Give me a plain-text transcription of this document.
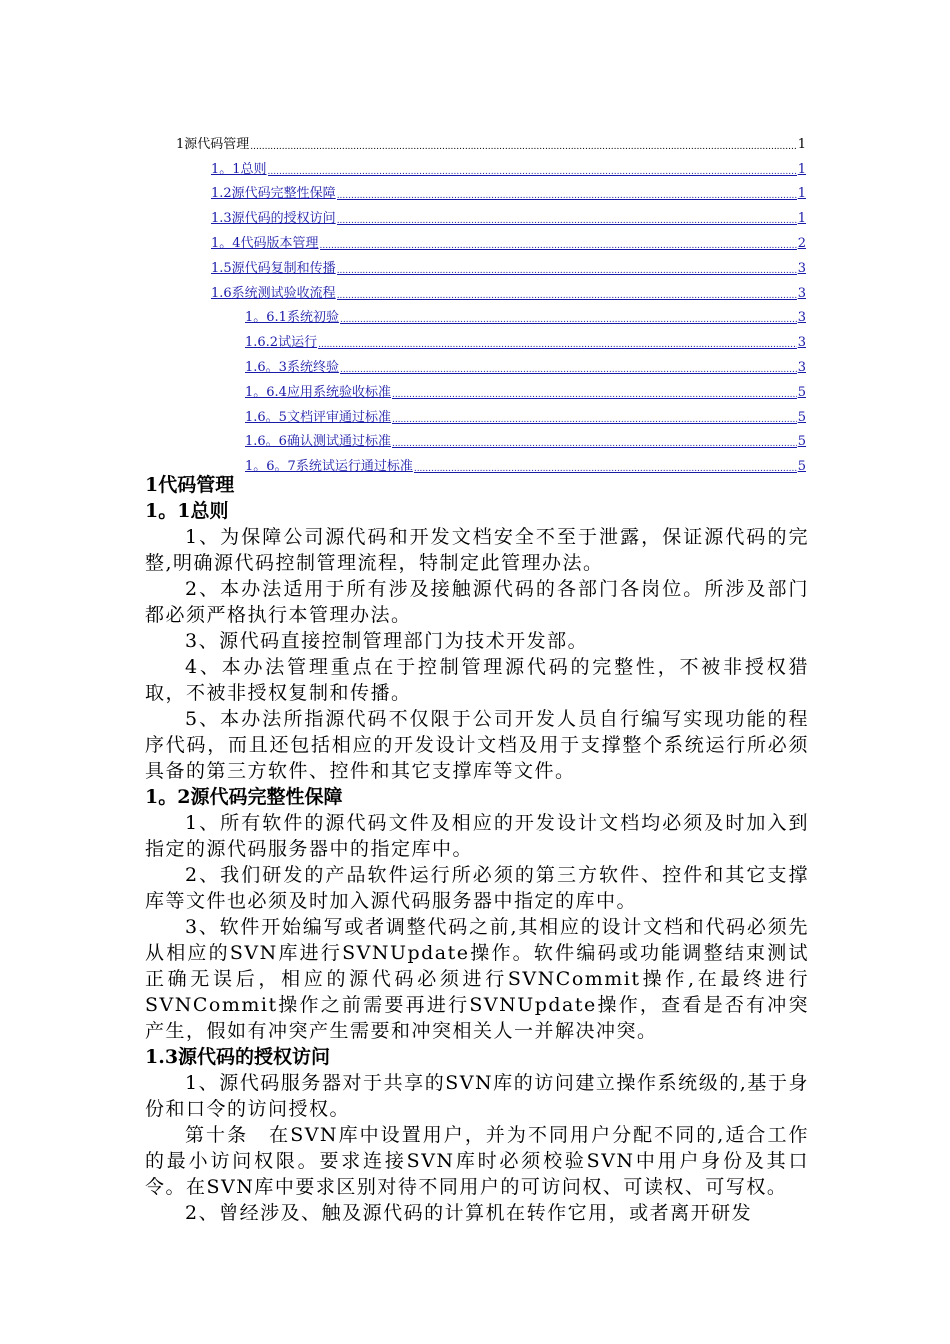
1源代码管理 .....	1
1。1总则 .....	1
1.2源代码完整性保障 .....	1
1.3源代码的授权访问 .....	1
1。4代码版本管理 .....	2
1.5源代码复制和传播 .....	3
1.6系统测试验收流程 .....	3
1。6.1系统初验 .....	3
1.6.2试运行 .....	3
1.6。3系统终验 .....	3
1。6.4应用系统验收标准 .....	5
1.6。5文档评审通过标准 .....	5
1.6。6确认测试通过标准 .....	5
1。6。7系统试运行通过标准 .....	5

1代码管理

1。1总则

1、为保障公司源代码和开发文档安全不至于泄露，保证源代码的完整,明确源代码控制管理流程，特制定此管理办法。

2、本办法适用于所有涉及接触源代码的各部门各岗位。所涉及部门都必须严格执行本管理办法。

3、源代码直接控制管理部门为技术开发部。

4、本办法管理重点在于控制管理源代码的完整性，不被非授权猎取，不被非授权复制和传播。

5、本办法所指源代码不仅限于公司开发人员自行编写实现功能的程序代码，而且还包括相应的开发设计文档及用于支撑整个系统运行所必须具备的第三方软件、控件和其它支撑库等文件。

1。2源代码完整性保障

1、所有软件的源代码文件及相应的开发设计文档均必须及时加入到指定的源代码服务器中的指定库中。

2、我们研发的产品软件运行所必须的第三方软件、控件和其它支撑库等文件也必须及时加入源代码服务器中指定的库中。

3、软件开始编写或者调整代码之前,其相应的设计文档和代码必须先从相应的SVN库进行SVNUpdate操作。软件编码或功能调整结束测试正确无误后，相应的源代码必须进行SVNCommit操作,在最终进行SVNCommit操作之前需要再进行SVNUpdate操作，查看是否有冲突产生，假如有冲突产生需要和冲突相关人一并解决冲突。

1.3源代码的授权访问

1、源代码服务器对于共享的SVN库的访问建立操作系统级的,基于身份和口令的访问授权。

第十条　在SVN库中设置用户，并为不同用户分配不同的,适合工作的最小访问权限。要求连接SVN库时必须校验SVN中用户身份及其口令。在SVN库中要求区别对待不同用户的可访问权、可读权、可写权。

2、曾经涉及、触及源代码的计算机在转作它用，或者离开研发
